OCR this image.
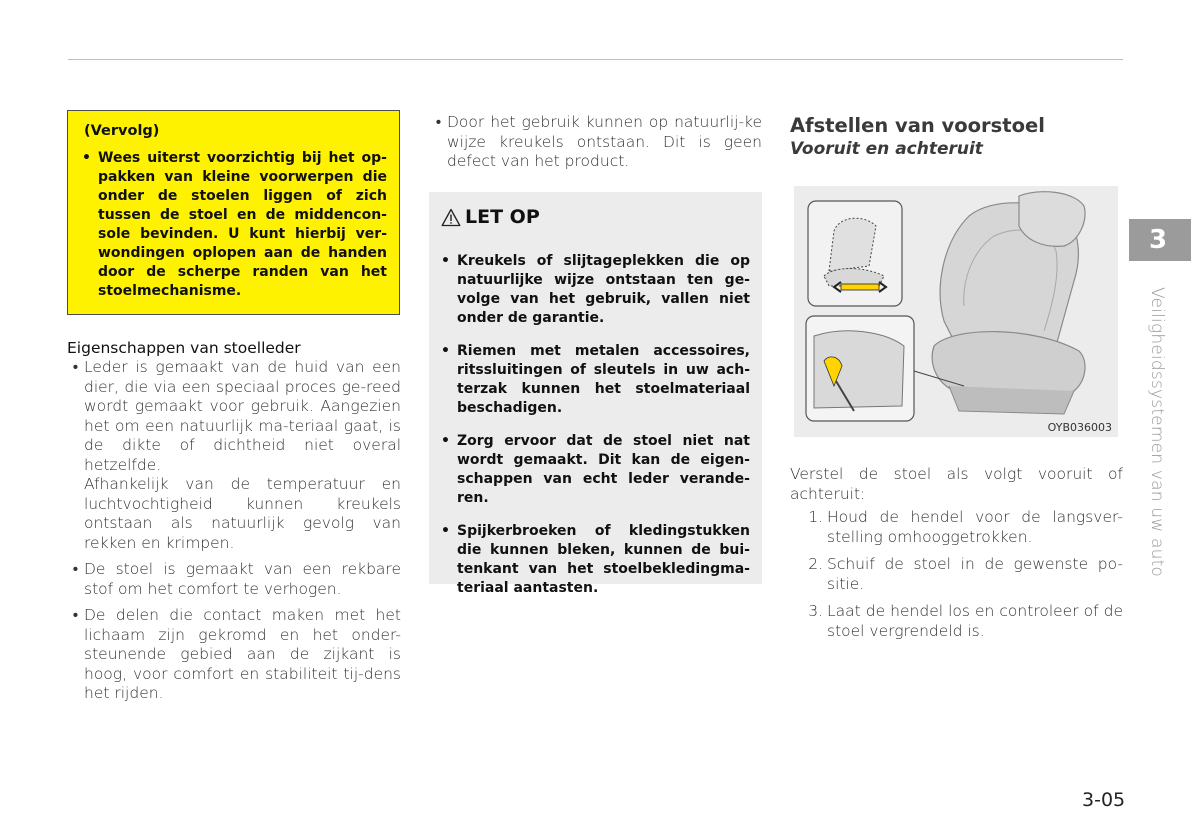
(Vervolg)
• Wees uiterst voorzichtig bij het op-pakken van kleine voorwerpen die onder de stoelen liggen of zich tussen de stoel en de middencon-sole bevinden. U kunt hierbij ver-wondingen oplopen aan de handen door de scherpe randen van het stoelmechanisme.
Eigenschappen van stoelleder
• Leder is gemaakt van de huid van een dier, die via een speciaal proces ge-reed wordt gemaakt voor gebruik. Aangezien het om een natuurlijk ma-teriaal gaat, is de dikte of dichtheid niet overal hetzelfde.

Afhankelijk van de temperatuur en luchtvochtigheid kunnen kreukels ontstaan als natuurlijk gevolg van rekken en krimpen.

• De stoel is gemaakt van een rekbare stof om het comfort te verhogen.

• De delen die contact maken met het lichaam zijn gekromd en het onder-steunende gebied aan de zijkant is hoog, voor comfort en stabiliteit tij-dens het rijden.

• Door het gebruik kunnen op natuurlij-ke wijze kreukels ontstaan. Dit is geen defect van het product.

LET OP
• Kreukels of slijtageplekken die op natuurlijke wijze ontstaan ten ge-volge van het gebruik, vallen niet onder de garantie.
• Riemen met metalen accessoires, ritssluitingen of sleutels in uw ach-terzak kunnen het stoelmateriaal beschadigen.
• Zorg ervoor dat de stoel niet nat wordt gemaakt. Dit kan de eigen-schappen van echt leder verande-ren.
• Spijkerbroeken of kledingstukken die kunnen bleken, kunnen de bui-tenkant van het stoelbekledingma-teriaal aantasten.
Afstellen van voorstoel
Vooruit en achteruit
OYB036003
Verstel de stoel als volgt vooruit of achteruit:
1. Houd de hendel voor de langsver-stelling omhooggetrokken.
2. Schuif de stoel in de gewenste po-sitie.
3. Laat de hendel los en controleer of de stoel vergrendeld is.
3
Veiligheidssystemen van uw auto
3-05
